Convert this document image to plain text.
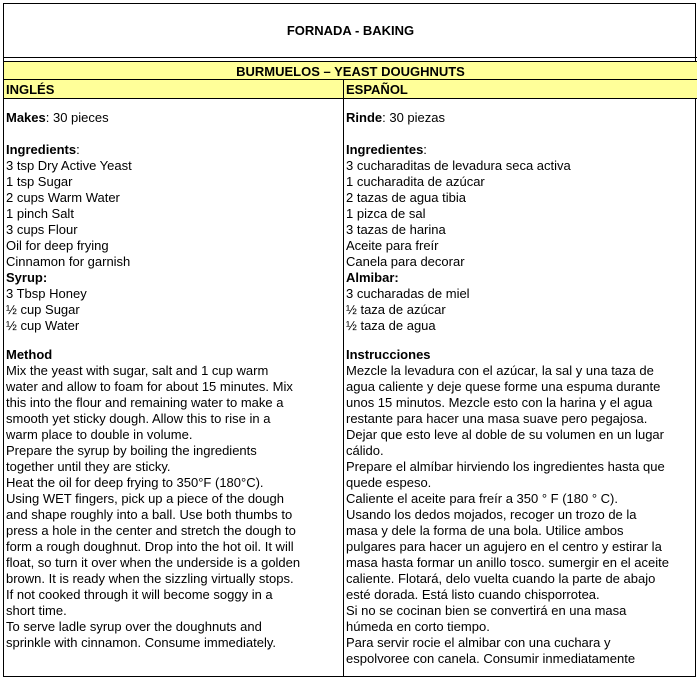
FORNADA - BAKING
BURMUELOS – YEAST DOUGHNUTS
INGLÉS	ESPAÑOL
Makes: 30 pieces
Ingredients:
3 tsp Dry Active Yeast
1 tsp Sugar
2 cups Warm Water
1 pinch Salt
3 cups Flour
Oil for deep frying
Cinnamon for garnish
Syrup:
3 Tbsp Honey
½ cup Sugar
½ cup Water
Method
Mix the yeast with sugar, salt and 1 cup warm
water and allow to foam for about 15 minutes. Mix
this into the flour and remaining water to make a
smooth yet sticky dough. Allow this to rise in a
warm place to double in volume.
Prepare the syrup by boiling the ingredients
together until they are sticky.
Heat the oil for deep frying to 350°F (180°C).
Using WET fingers, pick up a piece of the dough
and shape roughly into a ball. Use both thumbs to
press a hole in the center and stretch the dough to
form a rough doughnut. Drop into the hot oil. It will
float, so turn it over when the underside is a golden
brown. It is ready when the sizzling virtually stops.
If not cooked through it will become soggy in a
short time.
To serve ladle syrup over the doughnuts and
sprinkle with cinnamon. Consume immediately.
Rinde: 30 piezas
Ingredientes:
3 cucharaditas de levadura seca activa
1 cucharadita de azúcar
2 tazas de agua tibia
1 pizca de sal
3 tazas de harina
Aceite para freír
Canela para decorar
Almibar:
3 cucharadas de miel
½ taza de azúcar
½ taza de agua
Instrucciones
Mezcle la levadura con el azúcar, la sal y una taza de
agua caliente y deje quese forme una espuma durante
unos 15 minutos. Mezcle esto con la harina y el agua
restante para hacer una masa suave pero pegajosa.
Dejar que esto leve al doble de su volumen en un lugar
cálido.
Prepare el almíbar hirviendo los ingredientes hasta que
quede espeso.
Caliente el aceite para freír a 350 ° F (180 ° C).
Usando los dedos mojados, recoger un trozo de la
masa y dele la forma de una bola. Utilice ambos
pulgares para hacer un agujero en el centro y estirar la
masa hasta formar un anillo tosco. sumergir en el aceite
caliente. Flotará, delo vuelta cuando la parte de abajo
esté dorada. Está listo cuando chisporrotea.
Si no se cocinan bien se convertirá en una masa
húmeda en corto tiempo.
Para servir rocie el almibar con una cuchara y
espolvoree con canela. Consumir inmediatamente
